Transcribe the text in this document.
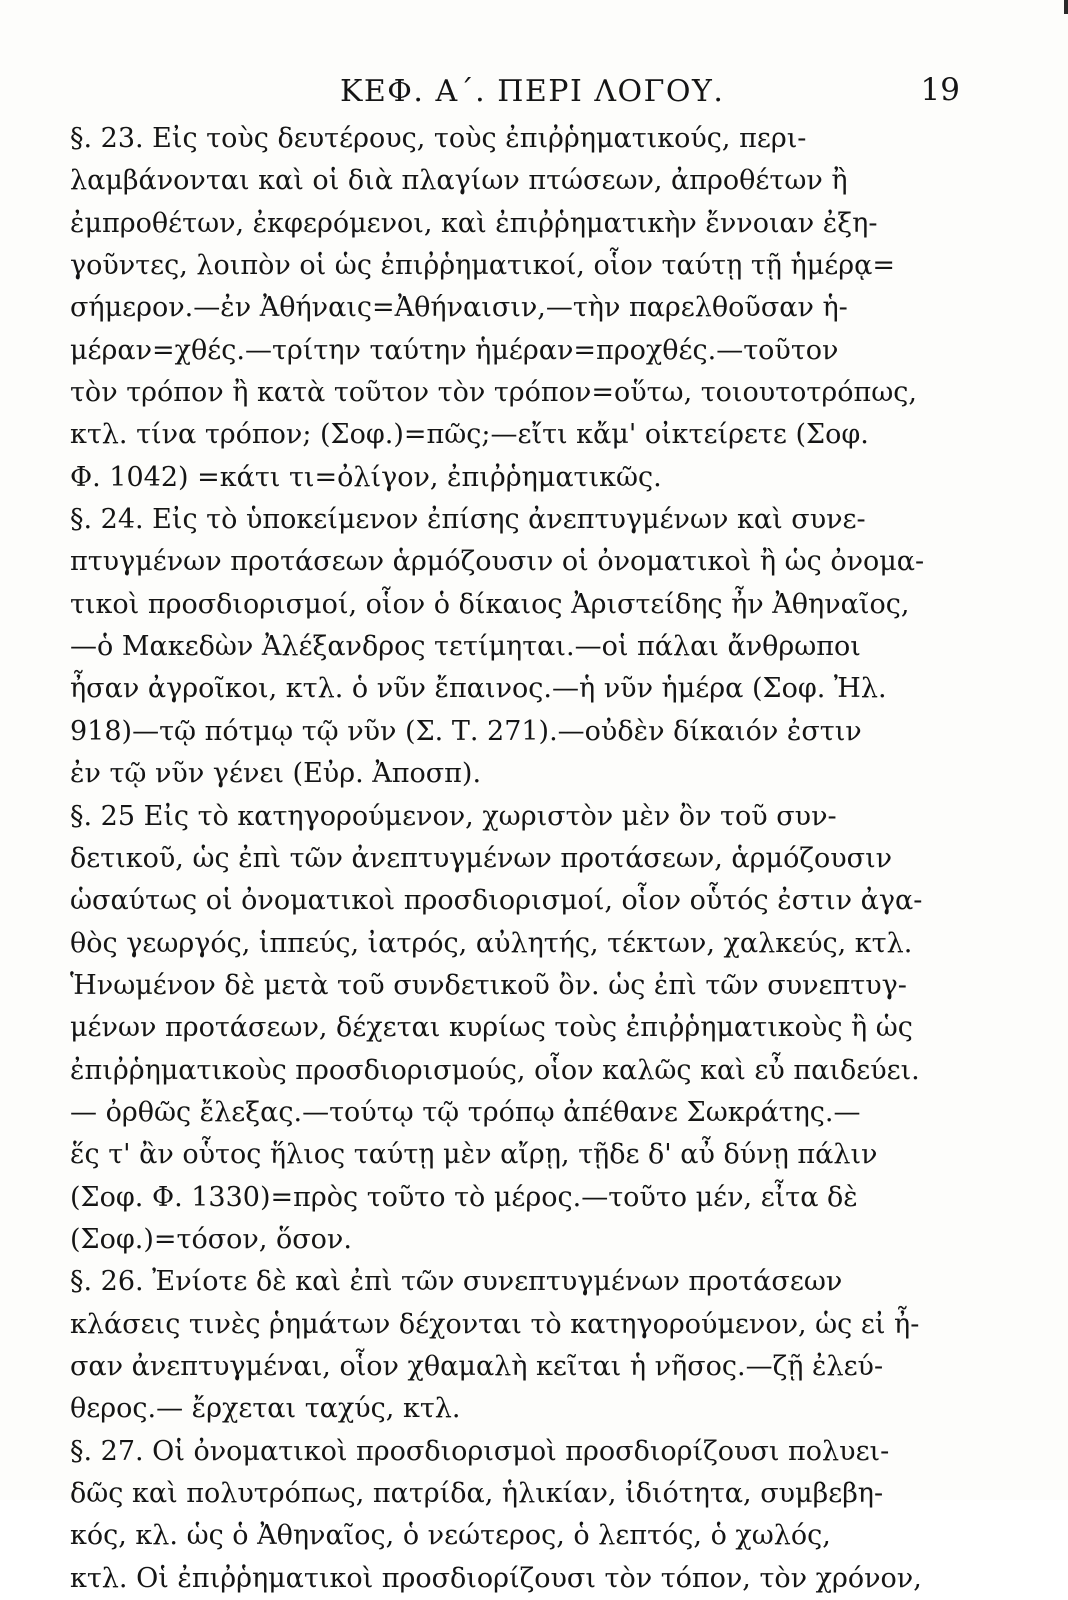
ΚΕΦ. Α΄. ΠΕΡΙ ΛΟΓΟΥ.	19
§. 23. Εἰς τοὺς δευτέρους, τοὺς ἐπιῤῥηματικούς, περι-
λαμβάνονται καὶ οἱ διὰ πλαγίων πτώσεων, ἀπροθέτων ἢ
ἐμπροθέτων, ἐκφερόμενοι, καὶ ἐπιῤῥηματικὴν ἔννοιαν ἐξη-
γοῦντες, λοιπὸν οἱ ὡς ἐπιῤῥηματικοί, οἷον ταύτῃ τῇ ἡμέρᾳ=
σήμερον.—ἐν Ἀθήναις=Ἀθήναισιν,—τὴν παρελθοῦσαν ἡ-
μέραν=χθές.—τρίτην ταύτην ἡμέραν=προχθές.—τοῦτον
τὸν τρόπον ἢ κατὰ τοῦτον τὸν τρόπον=οὕτω, τοιουτοτρόπως,
κτλ. τίνα τρόπον; (Σοφ.)=πῶς;—εἴτι κἄμ' οἰκτείρετε (Σοφ.
Φ. 1042) =κάτι τι=ὀλίγον, ἐπιῤῥηματικῶς.
§. 24. Εἰς τὸ ὑποκείμενον ἐπίσης ἀνεπτυγμένων καὶ συνε-
πτυγμένων προτάσεων ἁρμόζουσιν οἱ ὀνοματικοὶ ἢ ὡς ὀνομα-
τικοὶ προσδιορισμοί, οἷον ὁ δίκαιος Ἀριστείδης ἦν Ἀθηναῖος,
—ὁ Μακεδὼν Ἀλέξανδρος τετίμηται.—οἱ πάλαι ἄνθρωποι
ἦσαν ἀγροῖκοι, κτλ. ὁ νῦν ἔπαινος.—ἡ νῦν ἡμέρα (Σοφ. Ἠλ.
918)—τῷ πότμῳ τῷ νῦν (Σ. Τ. 271).—οὐδὲν δίκαιόν ἐστιν
ἐν τῷ νῦν γένει (Εὐρ. Ἀποσπ).
§. 25 Εἰς τὸ κατηγορούμενον, χωριστὸν μὲν ὂν τοῦ συν-
δετικοῦ, ὡς ἐπὶ τῶν ἀνεπτυγμένων προτάσεων, ἁρμόζουσιν
ὡσαύτως οἱ ὀνοματικοὶ προσδιορισμοί, οἷον οὗτός ἐστιν ἀγα-
θὸς γεωργός, ἱππεύς, ἰατρός, αὐλητής, τέκτων, χαλκεύς, κτλ.
Ἡνωμένον δὲ μετὰ τοῦ συνδετικοῦ ὂν. ὡς ἐπὶ τῶν συνεπτυγ-
μένων προτάσεων, δέχεται κυρίως τοὺς ἐπιῤῥηματικοὺς ἢ ὡς
ἐπιῤῥηματικοὺς προσδιορισμούς, οἷον καλῶς καὶ εὖ παιδεύει.
— ὀρθῶς ἔλεξας.—τούτῳ τῷ τρόπῳ ἀπέθανε Σωκράτης.—
ἕς τ' ἂν οὗτος ἥλιος ταύτῃ μὲν αἴρῃ, τῇδε δ' αὖ δύνῃ πάλιν
(Σοφ. Φ. 1330)=πρὸς τοῦτο τὸ μέρος.—τοῦτο μέν, εἶτα δὲ
(Σοφ.)=τόσον, ὅσον.
§. 26. Ἐνίοτε δὲ καὶ ἐπὶ τῶν συνεπτυγμένων προτάσεων
κλάσεις τινὲς ῥημάτων δέχονται τὸ κατηγορούμενον, ὡς εἰ ἦ-
σαν ἀνεπτυγμέναι, οἷον χθαμαλὴ κεῖται ἡ νῆσος.—ζῇ ἐλεύ-
θερος.— ἔρχεται ταχύς, κτλ.
§. 27. Οἱ ὀνοματικοὶ προσδιορισμοὶ προσδιορίζουσι πολυει-
δῶς καὶ πολυτρόπως, πατρίδα, ἡλικίαν, ἰδιότητα, συμβεβη-
κός, κλ. ὡς ὁ Ἀθηναῖος, ὁ νεώτερος, ὁ λεπτός, ὁ χωλός,
κτλ. Οἱ ἐπιῤῥηματικοὶ προσδιορίζουσι τὸν τόπον, τὸν χρόνον,
